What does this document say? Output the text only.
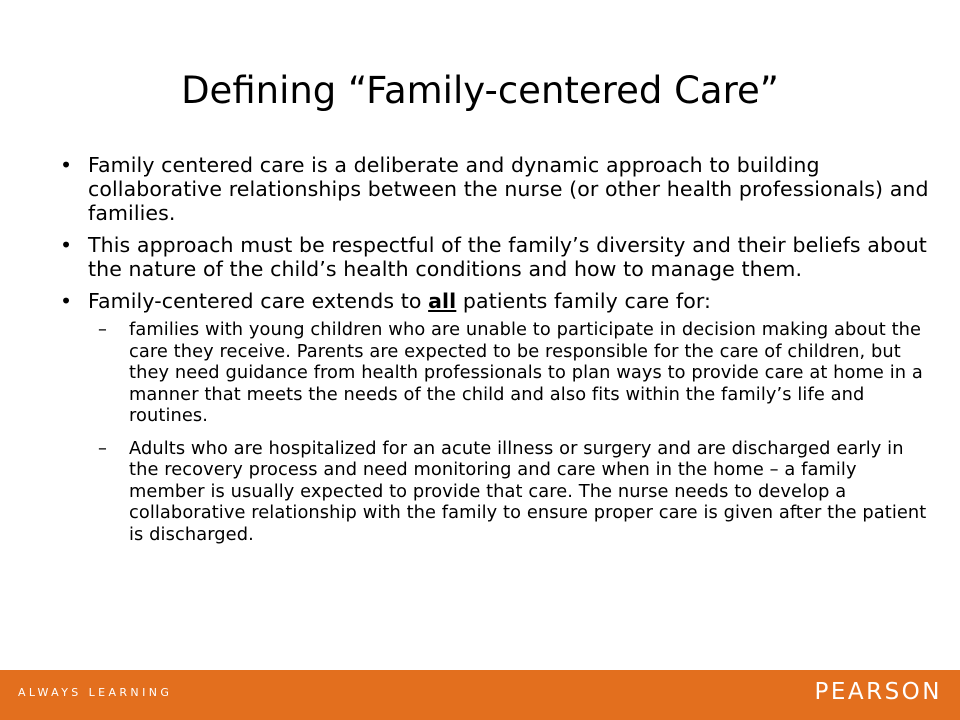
Defining “Family-centered Care”
• Family centered care is a deliberate and dynamic approach to building collaborative relationships between the nurse (or other health professionals) and families.
• This approach must be respectful of the family’s diversity and their beliefs about the nature of the child’s health conditions and how to manage them.
• Family-centered care extends to all patients family care for:
– families with young children who are unable to participate in decision making about the care they receive. Parents are expected to be responsible for the care of children, but they need guidance from health professionals to plan ways to provide care at home in a manner that meets the needs of the child and also fits within the family’s life and routines.
– Adults who are hospitalized for an acute illness or surgery and are discharged early in the recovery process and need monitoring and care when in the home – a family member is usually expected to provide that care. The nurse needs to develop a collaborative relationship with the family to ensure proper care is given after the patient is discharged.
ALWAYS LEARNING	PEARSON
